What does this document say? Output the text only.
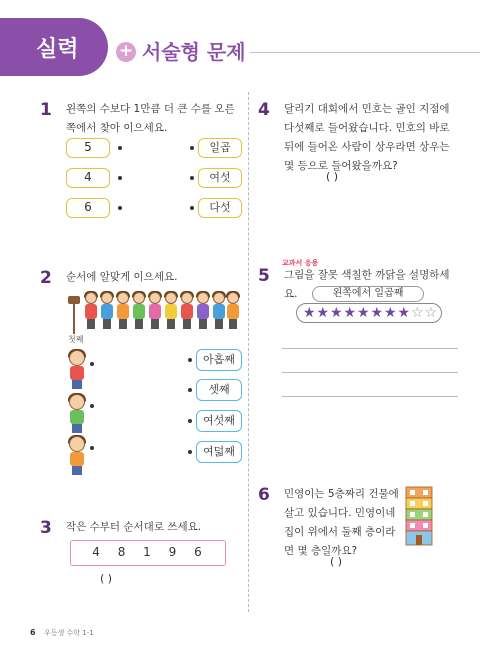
실력 + 서술형 문제
1 왼쪽의 수보다 1만큼 더 큰 수를 오른쪽에서 찾아 이으세요.
5
4
6
일곱
여섯
다섯
2 순서에 알맞게 이으세요.
첫째
아홉째
셋째
여섯째
여덟째
3 작은 수부터 순서대로 쓰세요.
4 8 1 9 6
( )
4 달리기 대회에서 민호는 골인 지점에 다섯째로 들어왔습니다. 민호의 바로 뒤에 들어온 사람이 상우라면 상우는 몇 등으로 들어왔을까요?
( )
교과서 응용
5 그림을 잘못 색칠한 까닭을 설명하세요.	왼쪽에서 일곱째
★ ★ ★ ★ ★ ★ ★ ★ ☆ ☆
6 민영이는 5층짜리 건물에 살고 있습니다. 민영이네 집이 위에서 둘째 층이라면 몇 층일까요?
( )
6 우등생 수학 1-1
